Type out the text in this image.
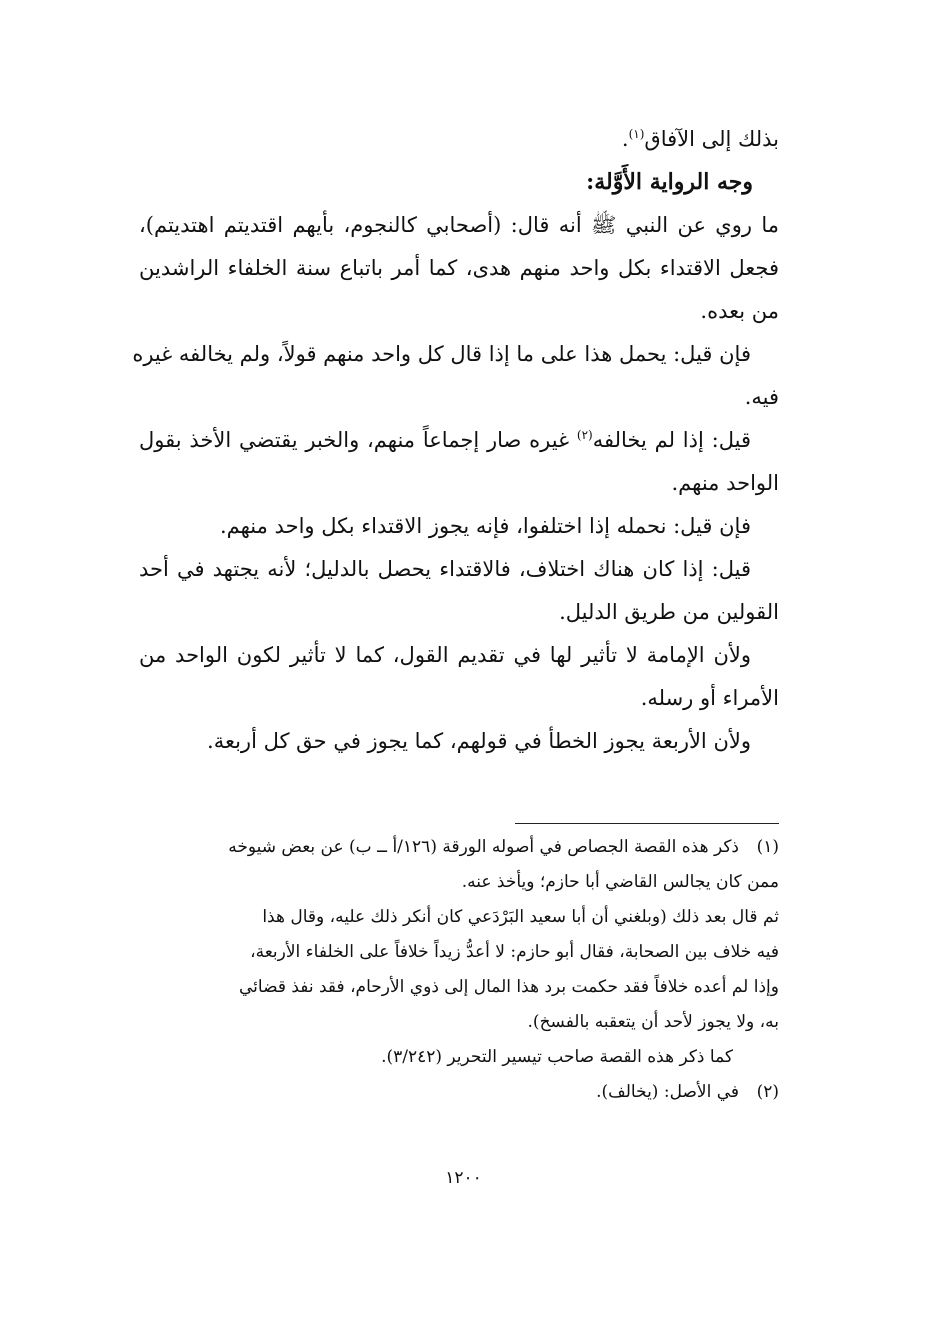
بذلك إلى الآفاق$^{(١)}$.

وجه الرواية الأَوَّلة:

ما روي عن النبي ﷺ أنه قال: (أصحابي كالنجوم، بأيهم اقتديتم اهتديتم)،

فجعل الاقتداء بكل واحد منهم هدى، كما أمر باتباع سنة الخلفاء الراشدين

من بعده.

فإن قيل: يحمل هذا على ما إذا قال كل واحد منهم قولاً، ولم يخالفه غيره

فيه.

قيل: إذا لم يخالفه$^{(٢)}$ غيره صار إجماعاً منهم، والخبر يقتضي الأخذ بقول

الواحد منهم.

فإن قيل: نحمله إذا اختلفوا، فإنه يجوز الاقتداء بكل واحد منهم.

قيل: إذا كان هناك اختلاف، فالاقتداء يحصل بالدليل؛ لأنه يجتهد في أحد

القولين من طريق الدليل.

ولأن الإمامة لا تأثير لها في تقديم القول، كما لا تأثير لكون الواحد من

الأمراء أو رسله.

ولأن الأربعة يجوز الخطأ في قولهم، كما يجوز في حق كل أربعة.

(١)ذكر هذه القصة الجصاص في أصوله الورقة (١٢٦/أ ــ ب) عن بعض شيوخه

ممن كان يجالس القاضي أبا حازم؛ ويأخذ عنه.

ثم قال بعد ذلك (وبلغني أن أبا سعيد البَرْدَعي كان أنكر ذلك عليه، وقال هذا

فيه خلاف بين الصحابة، فقال أبو حازم: لا أعدُّ زيداً خلافاً على الخلفاء الأربعة،

وإذا لم أعده خلافاً فقد حكمت برد هذا المال إلى ذوي الأرحام، فقد نفذ قضائي

به، ولا يجوز لأحد أن يتعقبه بالفسخ).

كما ذكر هذه القصة صاحب تيسير التحرير (٣/٢٤٢).

(٢)في الأصل: (يخالف).

١٢٠٠
